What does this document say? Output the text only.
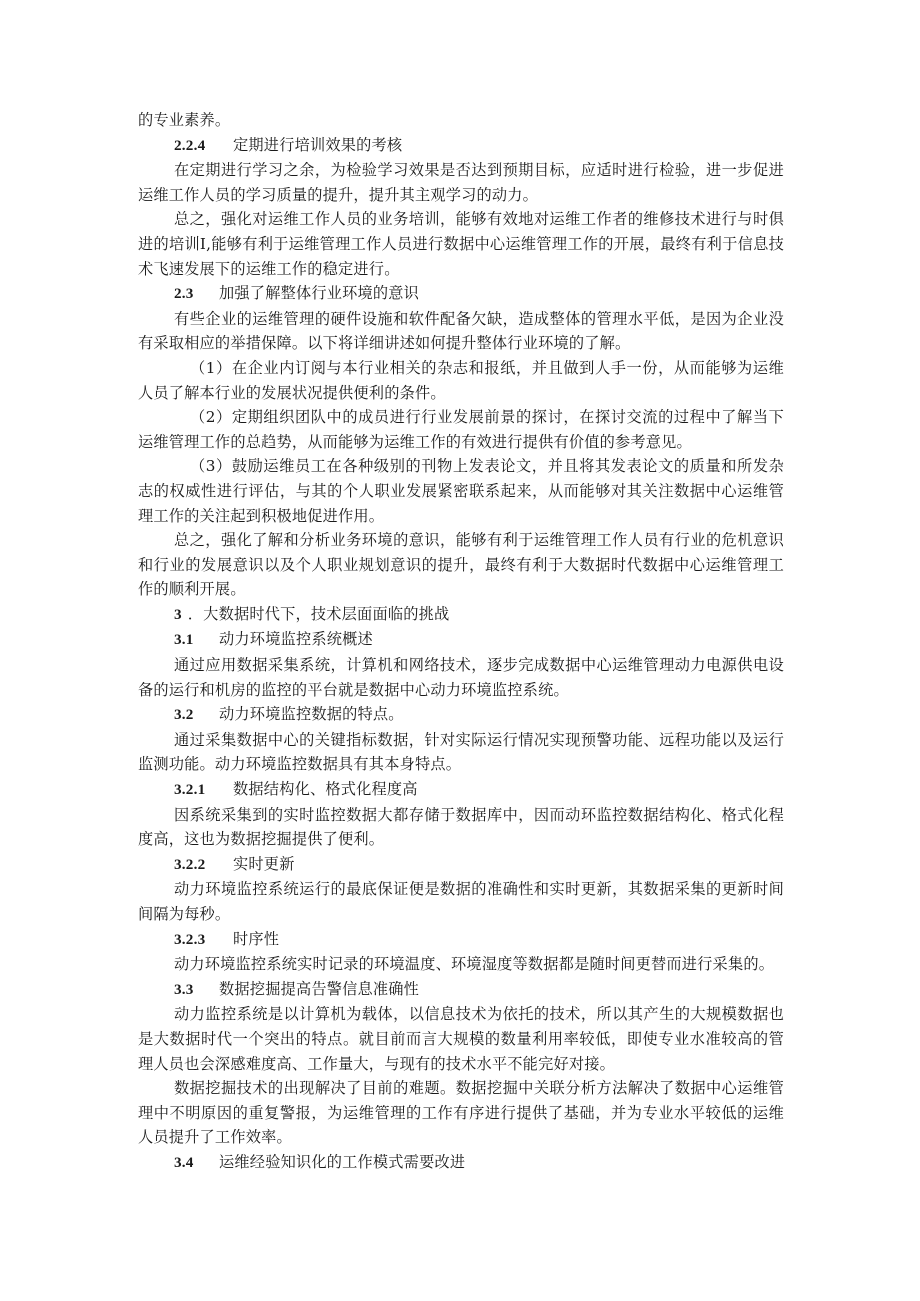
的专业素养。

2.2.4 定期进行培训效果的考核

在定期进行学习之余，为检验学习效果是否达到预期目标，应适时进行检验，进一步促进运维工作人员的学习质量的提升，提升其主观学习的动力。

总之，强化对运维工作人员的业务培训，能够有效地对运维工作者的维修技术进行与时俱进的培训I,能够有利于运维管理工作人员进行数据中心运维管理工作的开展，最终有利于信息技术飞速发展下的运维工作的稳定进行。

2.3 加强了解整体行业环境的意识

有些企业的运维管理的硬件设施和软件配备欠缺，造成整体的管理水平低，是因为企业没有采取相应的举措保障。以下将详细讲述如何提升整体行业环境的了解。

（1）在企业内订阅与本行业相关的杂志和报纸，并且做到人手一份，从而能够为运维人员了解本行业的发展状况提供便利的条件。

（2）定期组织团队中的成员进行行业发展前景的探讨，在探讨交流的过程中了解当下运维管理工作的总趋势，从而能够为运维工作的有效进行提供有价值的参考意见。

（3）鼓励运维员工在各种级别的刊物上发表论文，并且将其发表论文的质量和所发杂志的权威性进行评估，与其的个人职业发展紧密联系起来，从而能够对其关注数据中心运维管理工作的关注起到积极地促进作用。

总之，强化了解和分析业务环境的意识，能够有利于运维管理工作人员有行业的危机意识和行业的发展意识以及个人职业规划意识的提升，最终有利于大数据时代数据中心运维管理工作的顺利开展。

3 ．大数据时代下，技术层面面临的挑战

3.1 动力环境监控系统概述

通过应用数据采集系统，计算机和网络技术，逐步完成数据中心运维管理动力电源供电设备的运行和机房的监控的平台就是数据中心动力环境监控系统。

3.2 动力环境监控数据的特点。

通过采集数据中心的关键指标数据，针对实际运行情况实现预警功能、远程功能以及运行监测功能。动力环境监控数据具有其本身特点。

3.2.1 数据结构化、格式化程度高

因系统采集到的实时监控数据大都存储于数据库中，因而动环监控数据结构化、格式化程度高，这也为数据挖掘提供了便利。

3.2.2 实时更新

动力环境监控系统运行的最底保证便是数据的准确性和实时更新，其数据采集的更新时间间隔为每秒。

3.2.3 时序性

动力环境监控系统实时记录的环境温度、环境湿度等数据都是随时间更替而进行采集的。

3.3 数据挖掘提高告警信息准确性

动力监控系统是以计算机为载体，以信息技术为依托的技术，所以其产生的大规模数据也是大数据时代一个突出的特点。就目前而言大规模的数量利用率较低，即使专业水准较高的管理人员也会深感难度高、工作量大，与现有的技术水平不能完好对接。

数据挖掘技术的出现解决了目前的难题。数据挖掘中关联分析方法解决了数据中心运维管理中不明原因的重复警报，为运维管理的工作有序进行提供了基础，并为专业水平较低的运维人员提升了工作效率。

3.4 运维经验知识化的工作模式需要改进
